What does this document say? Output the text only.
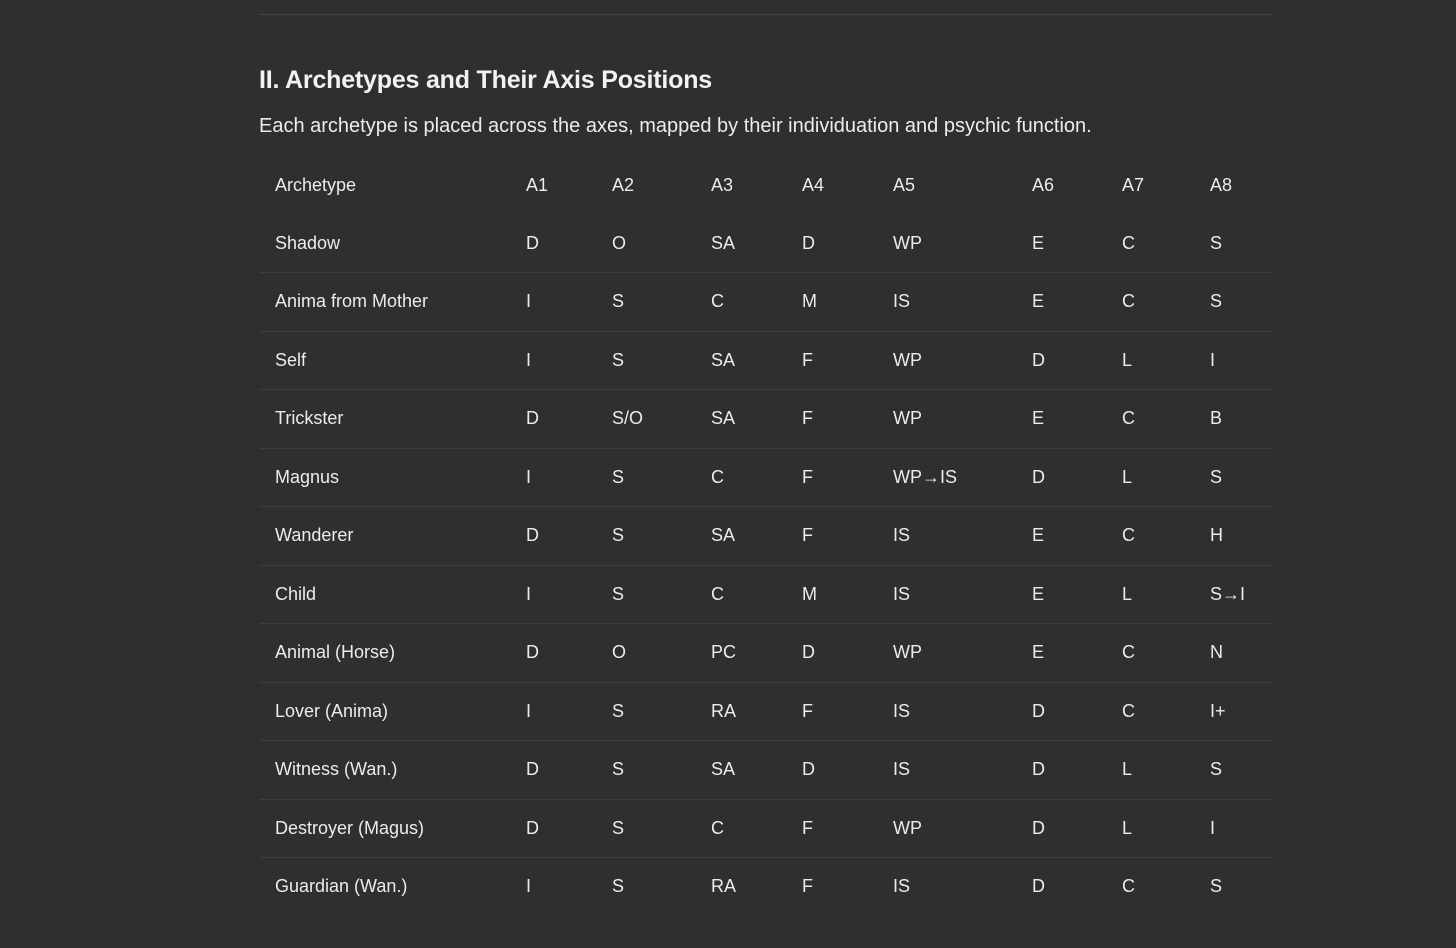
II. Archetypes and Their Axis Positions

Each archetype is placed across the axes, mapped by their individuation and psychic function.

Archetype	A1	A2	A3	A4	A5	A6	A7	A8
Shadow	D	O	SA	D	WP	E	C	S
Anima from Mother	I	S	C	M	IS	E	C	S
Self	I	S	SA	F	WP	D	L	I
Trickster	D	S/O	SA	F	WP	E	C	B
Magnus	I	S	C	F	WP→IS	D	L	S
Wanderer	D	S	SA	F	IS	E	C	H
Child	I	S	C	M	IS	E	L	S→I
Animal (Horse)	D	O	PC	D	WP	E	C	N
Lover (Anima)	I	S	RA	F	IS	D	C	I+
Witness (Wan.)	D	S	SA	D	IS	D	L	S
Destroyer (Magus)	D	S	C	F	WP	D	L	I
Guardian (Wan.)	I	S	RA	F	IS	D	C	S
